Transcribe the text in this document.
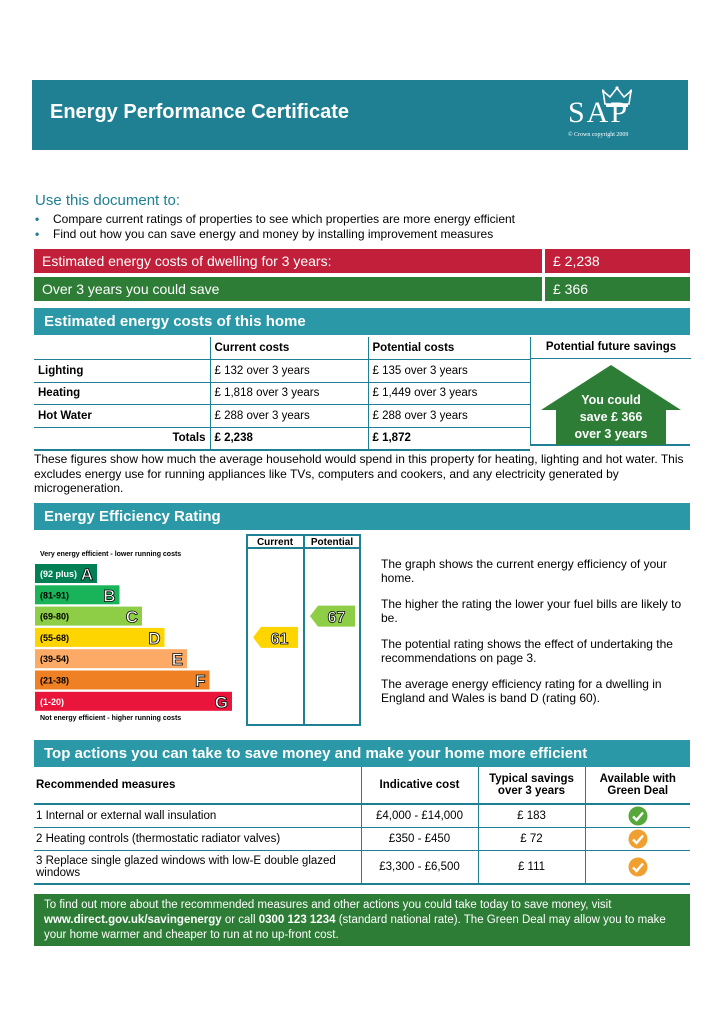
Energy Performance Certificate	SAP
© Crown copyright 2009
Use this document to:
• Compare current ratings of properties to see which properties are more energy efficient
• Find out how you can save energy and money by installing improvement measures
Estimated energy costs of dwelling for 3 years:	£ 2,238
Over 3 years you could save	£ 366
Estimated energy costs of this home
	Current costs	Potential costs
Lighting	£ 132 over 3 years	£ 135 over 3 years
Heating	£ 1,818 over 3 years	£ 1,449 over 3 years
Hot Water	£ 288 over 3 years	£ 288 over 3 years
Totals	£ 2,238	£ 1,872
Potential future savings
You could
save £ 366
over 3 years
These figures show how much the average household would spend in this property for heating, lighting and hot water. This excludes energy use for running appliances like TVs, computers and cookers, and any electricity generated by microgeneration.
Energy Efficiency Rating
Current Potential
Very energy efficient - lower running costs
Not energy efficient - higher running costs
(92 plus) A
(81-91) B
(69-80)	C
(55-68)	D
(39-54)	E
(21-38)	F
(1-20)	G
61
67

The graph shows the current energy efficiency of your home.

The higher the rating the lower your fuel bills are likely to be.

The potential rating shows the effect of undertaking the recommendations on page 3.

The average energy efficiency rating for a dwelling in England and Wales is band D (rating 60).

Top actions you can take to save money and make your home more efficient
Recommended measures	Indicative cost	Typical savings over 3 years	Available with Green Deal
1 Internal or external wall insulation	£4,000 - £14,000	£ 183	
2 Heating controls (thermostatic radiator valves)	£350 - £450	£ 72	
3 Replace single glazed windows with low-E double glazed windows	£3,300 - £6,500	£ 111	
To find out more about the recommended measures and other actions you could take today to save money, visit www.direct.gov.uk/savingenergy or call 0300 123 1234 (standard national rate). The Green Deal may allow you to make your home warmer and cheaper to run at no up-front cost.
